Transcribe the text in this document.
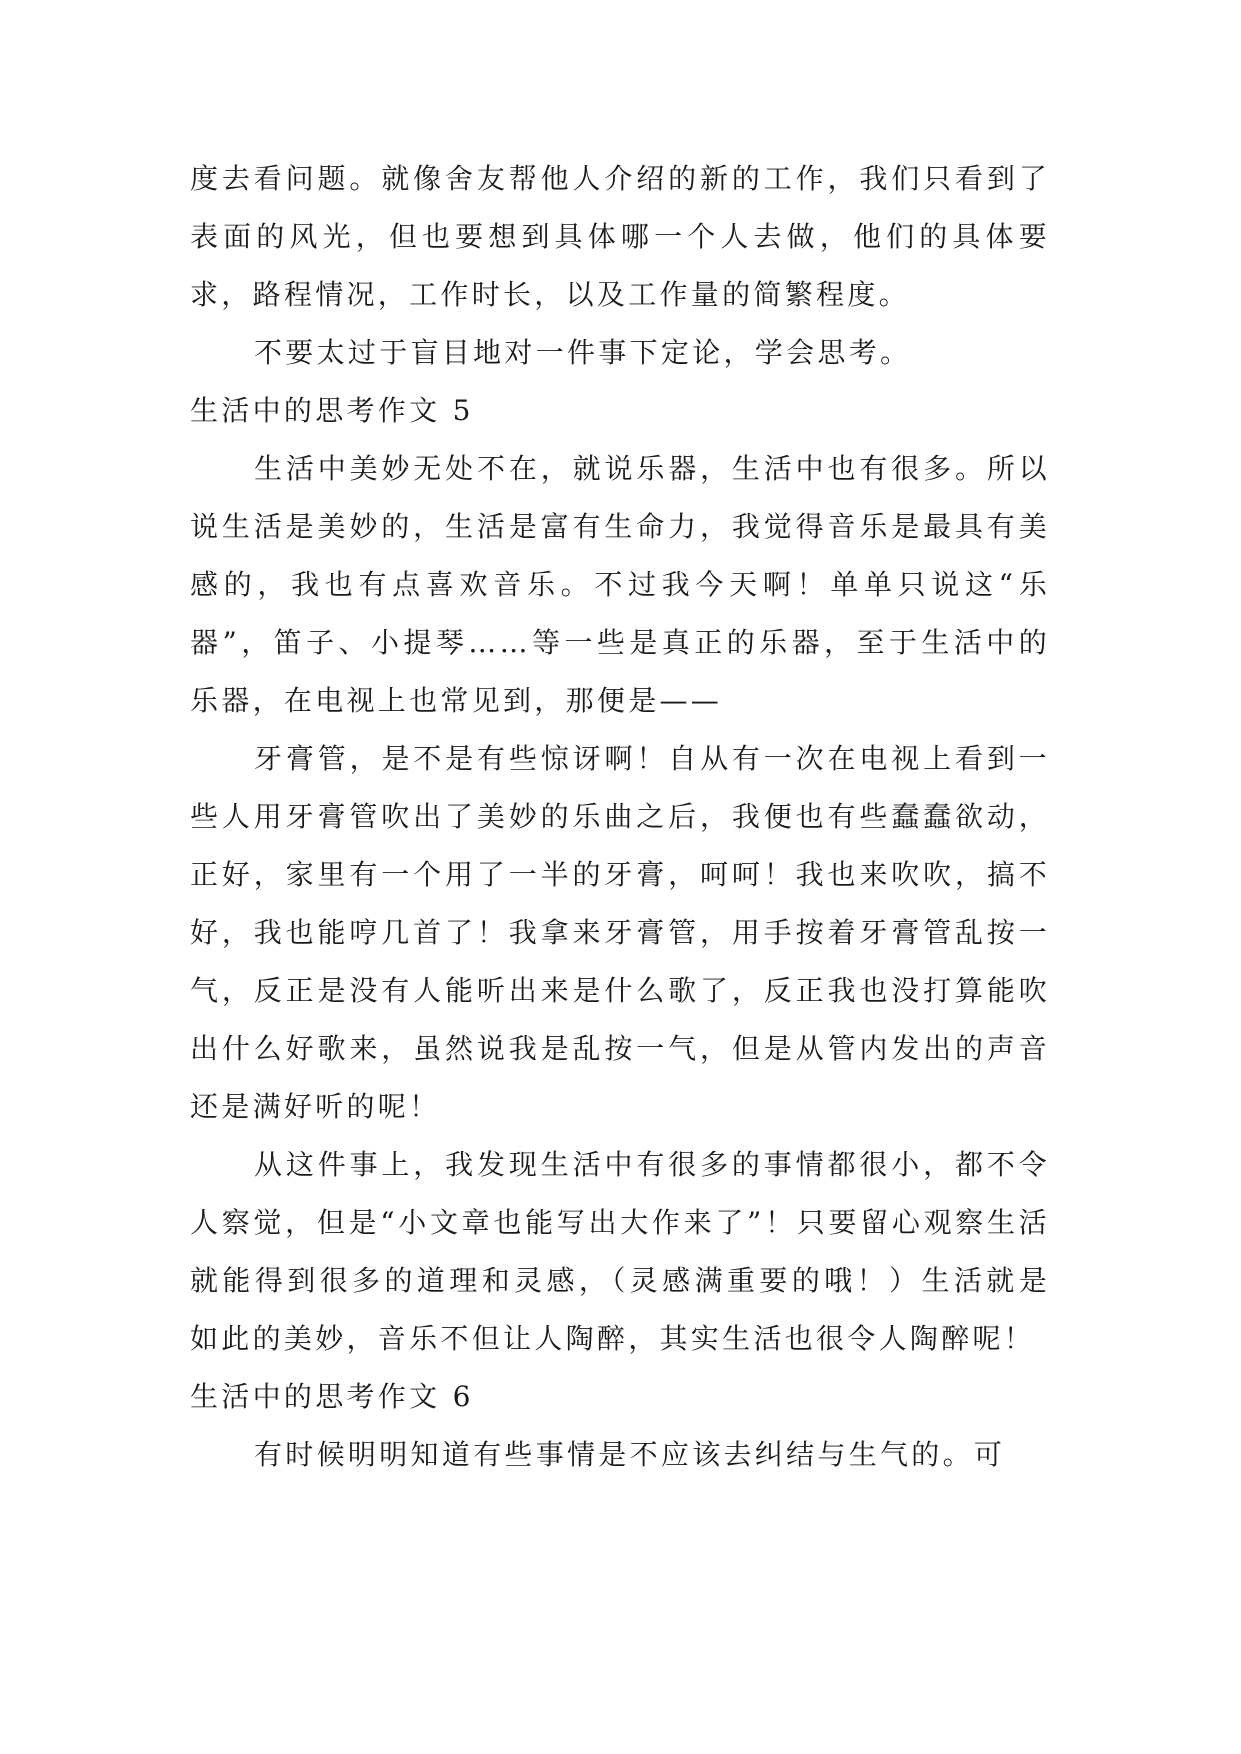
度去看问题。就像舍友帮他人介绍的新的工作，我们只看到了表面的风光，但也要想到具体哪一个人去做，他们的具体要求，路程情况，工作时长，以及工作量的简繁程度。

不要太过于盲目地对一件事下定论，学会思考。

生活中的思考作文 5

生活中美妙无处不在，就说乐器，生活中也有很多。所以说生活是美妙的，生活是富有生命力，我觉得音乐是最具有美感的，我也有点喜欢音乐。不过我今天啊！单单只说这“乐器”，笛子、小提琴……等一些是真正的乐器，至于生活中的乐器，在电视上也常见到，那便是——

牙膏管，是不是有些惊讶啊！自从有一次在电视上看到一些人用牙膏管吹出了美妙的乐曲之后，我便也有些蠢蠢欲动，正好，家里有一个用了一半的牙膏，呵呵！我也来吹吹，搞不好，我也能哼几首了！我拿来牙膏管，用手按着牙膏管乱按一气，反正是没有人能听出来是什么歌了，反正我也没打算能吹出什么好歌来，虽然说我是乱按一气，但是从管内发出的声音还是满好听的呢！

从这件事上，我发现生活中有很多的事情都很小，都不令人察觉，但是“小文章也能写出大作来了”！只要留心观察生活就能得到很多的道理和灵感，（灵感满重要的哦！）生活就是如此的美妙，音乐不但让人陶醉，其实生活也很令人陶醉呢！

生活中的思考作文 6

有时候明明知道有些事情是不应该去纠结与生气的。可
